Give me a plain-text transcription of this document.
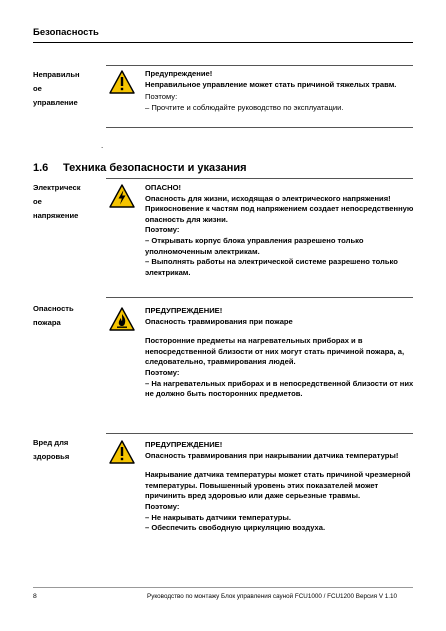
Безопасность
Неправильн
ое
управление
Предупреждение!
Неправильное управление может стать причиной тяжелых травм.
Поэтому:
– Прочтите и соблюдайте руководство по эксплуатации.
.
1.6 Техника безопасности и указания
Электрическ
ое
напряжение
ОПАСНО!
Опасность для жизни, исходящая о электрического напряжения!
Прикосновение к частям под напряжением создает непосредственную опасность для жизни.
Поэтому:
– Открывать корпус блока управления разрешено только уполномоченным электрикам.
– Выполнять работы на электрической системе разрешено только электрикам.
Опасность
пожара
ПРЕДУПРЕЖДЕНИЕ!
Опасность травмирования при пожаре
Посторонние предметы на нагревательных приборах и в непосредственной близости от них могут стать причиной пожара, а, следовательно, травмирования людей.
Поэтому:
– На нагревательных приборах и в непосредственной близости от них не должно быть посторонних предметов.
Вред для
здоровья
ПРЕДУПРЕЖДЕНИЕ!
Опасность травмирования при накрывании датчика температуры!
Накрывание датчика температуры может стать причиной чрезмерной температуры. Повышенный уровень этих показателей может причинить вред здоровью или даже серьезные травмы.
Поэтому:
– Не накрывать датчики температуры.
– Обеспечить свободную циркуляцию воздуха.
8	Руководство по монтажу Блок управления саунoй FCU1000 / FCU1200 Версия V 1.10
